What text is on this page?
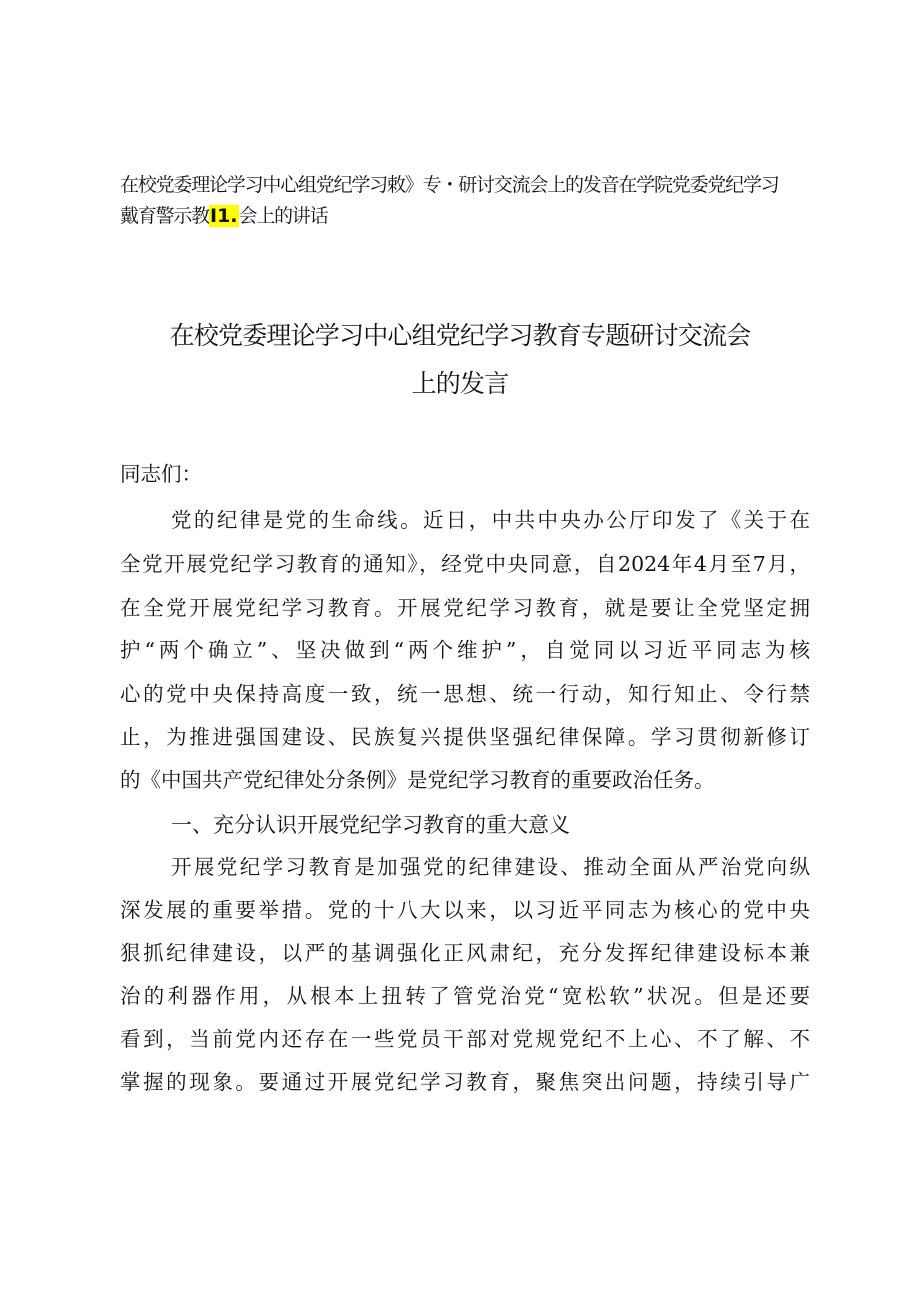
在校党委理论学习中心组党纪学习敕》专・研讨交流会上的发音在学院党委党纪学习
戴育警示教I1.会上的讲话
在校党委理论学习中心组党纪学习教育专题研讨交流会
上的发言
同志们：
党的纪律是党的生命线。近日，中共中央办公厅印发了《关于在
全党开展党纪学习教育的通知》，经党中央同意，自2024年4月至7月，
在全党开展党纪学习教育。开展党纪学习教育，就是要让全党坚定拥
护“两个确立”、坚决做到“两个维护”，自觉同以习近平同志为核
心的党中央保持高度一致，统一思想、统一行动，知行知止、令行禁
止，为推进强国建设、民族复兴提供坚强纪律保障。学习贯彻新修订
的《中国共产党纪律处分条例》是党纪学习教育的重要政治任务。
一、充分认识开展党纪学习教育的重大意义
开展党纪学习教育是加强党的纪律建设、推动全面从严治党向纵
深发展的重要举措。党的十八大以来，以习近平同志为核心的党中央
狠抓纪律建设，以严的基调强化正风肃纪，充分发挥纪律建设标本兼
治的利器作用，从根本上扭转了管党治党“宽松软”状况。但是还要
看到，当前党内还存在一些党员干部对党规党纪不上心、不了解、不
掌握的现象。要通过开展党纪学习教育，聚焦突出问题，持续引导广
